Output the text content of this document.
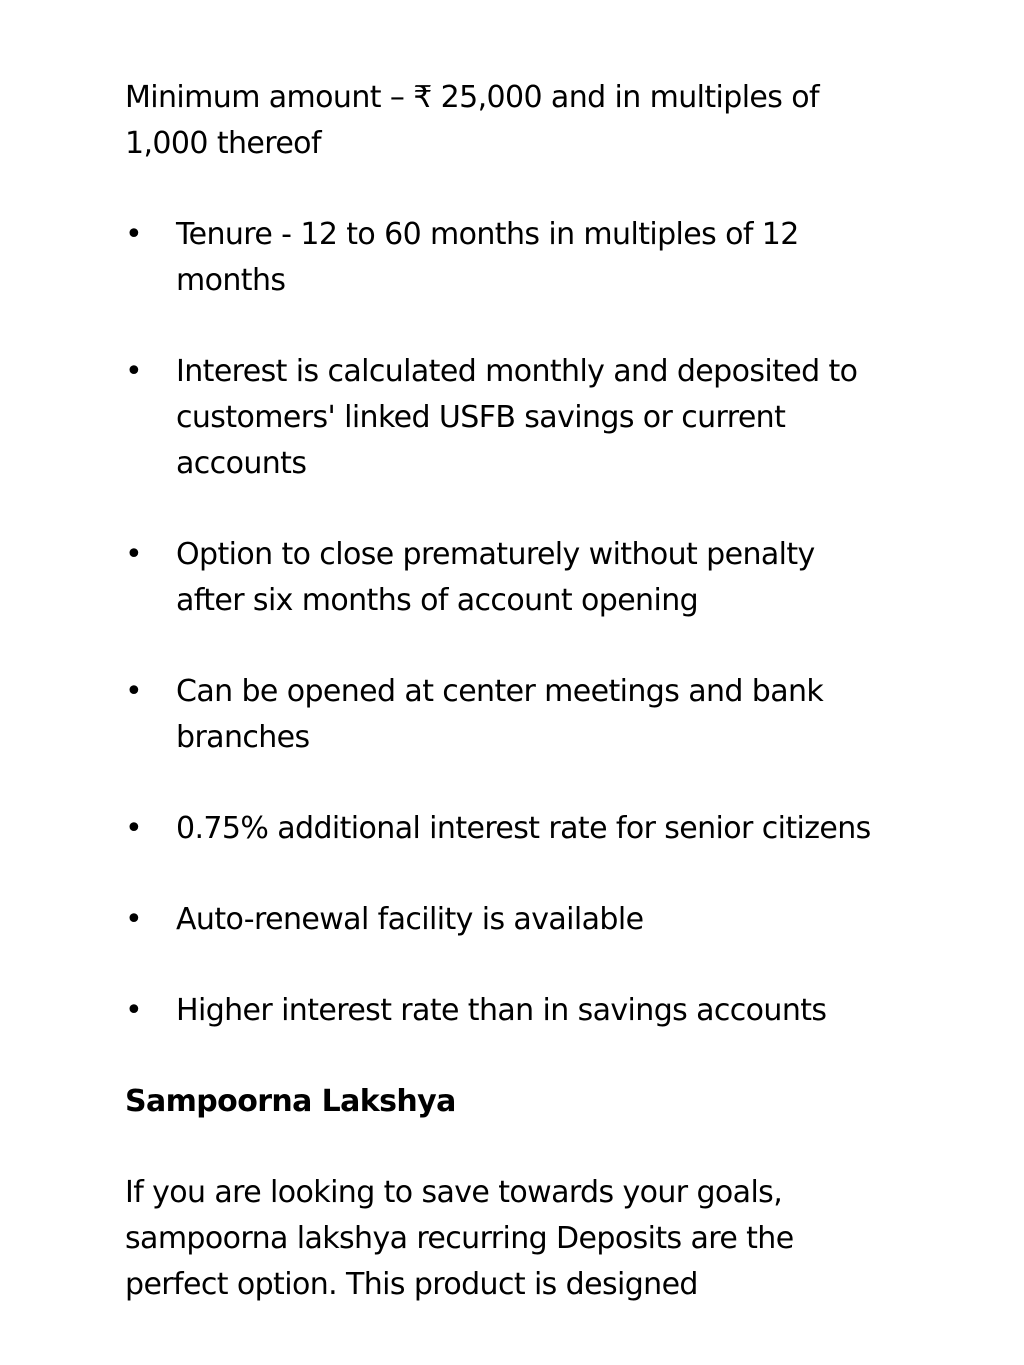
Minimum amount – ₹ 25,000 and in multiples of 1,000 thereof

• Tenure - 12 to 60 months in multiples of 12 months
• Interest is calculated monthly and deposited to customers' linked USFB savings or current accounts
• Option to close prematurely without penalty after six months of account opening
• Can be opened at center meetings and bank branches
• 0.75% additional interest rate for senior citizens
• Auto-renewal facility is available
• Higher interest rate than in savings accounts

Sampoorna Lakshya

If you are looking to save towards your goals, sampoorna lakshya recurring Deposits are the perfect option. This product is designed
